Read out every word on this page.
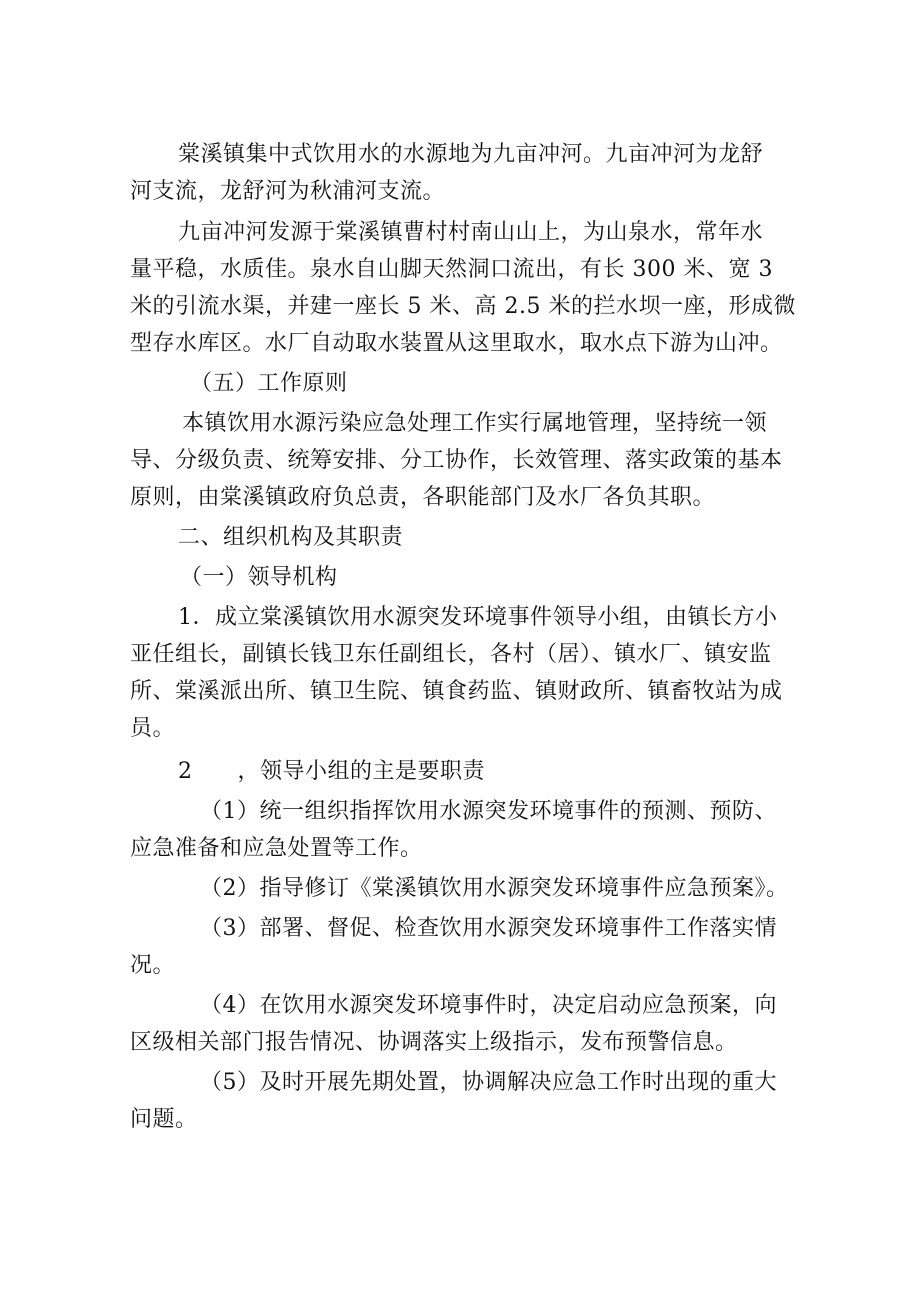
棠溪镇集中式饮用水的水源地为九亩冲河。九亩冲河为龙舒
河支流，龙舒河为秋浦河支流。
九亩冲河发源于棠溪镇曹村村南山山上，为山泉水，常年水
量平稳，水质佳。泉水自山脚天然洞口流出，有长 300 米、宽 3
米的引流水渠，并建一座长 5 米、高 2.5 米的拦水坝一座，形成微
型存水库区。水厂自动取水装置从这里取水，取水点下游为山冲。
（五）工作原则
本镇饮用水源污染应急处理工作实行属地管理，坚持统一领
导、分级负责、统筹安排、分工协作，长效管理、落实政策的基本
原则，由棠溪镇政府负总责，各职能部门及水厂各负其职。
二、组织机构及其职责
（一）领导机构
1．成立棠溪镇饮用水源突发环境事件领导小组，由镇长方小
亚任组长，副镇长钱卫东任副组长，各村（居）、镇水厂、镇安监
所、棠溪派出所、镇卫生院、镇食药监、镇财政所、镇畜牧站为成
员。
2　　，领导小组的主是要职责
（1）统一组织指挥饮用水源突发环境事件的预测、预防、
应急准备和应急处置等工作。
（2）指导修订《棠溪镇饮用水源突发环境事件应急预案》。
（3）部署、督促、检查饮用水源突发环境事件工作落实情
况。
（4）在饮用水源突发环境事件时，决定启动应急预案，向
区级相关部门报告情况、协调落实上级指示，发布预警信息。
（5）及时开展先期处置，协调解决应急工作时出现的重大
问题。
